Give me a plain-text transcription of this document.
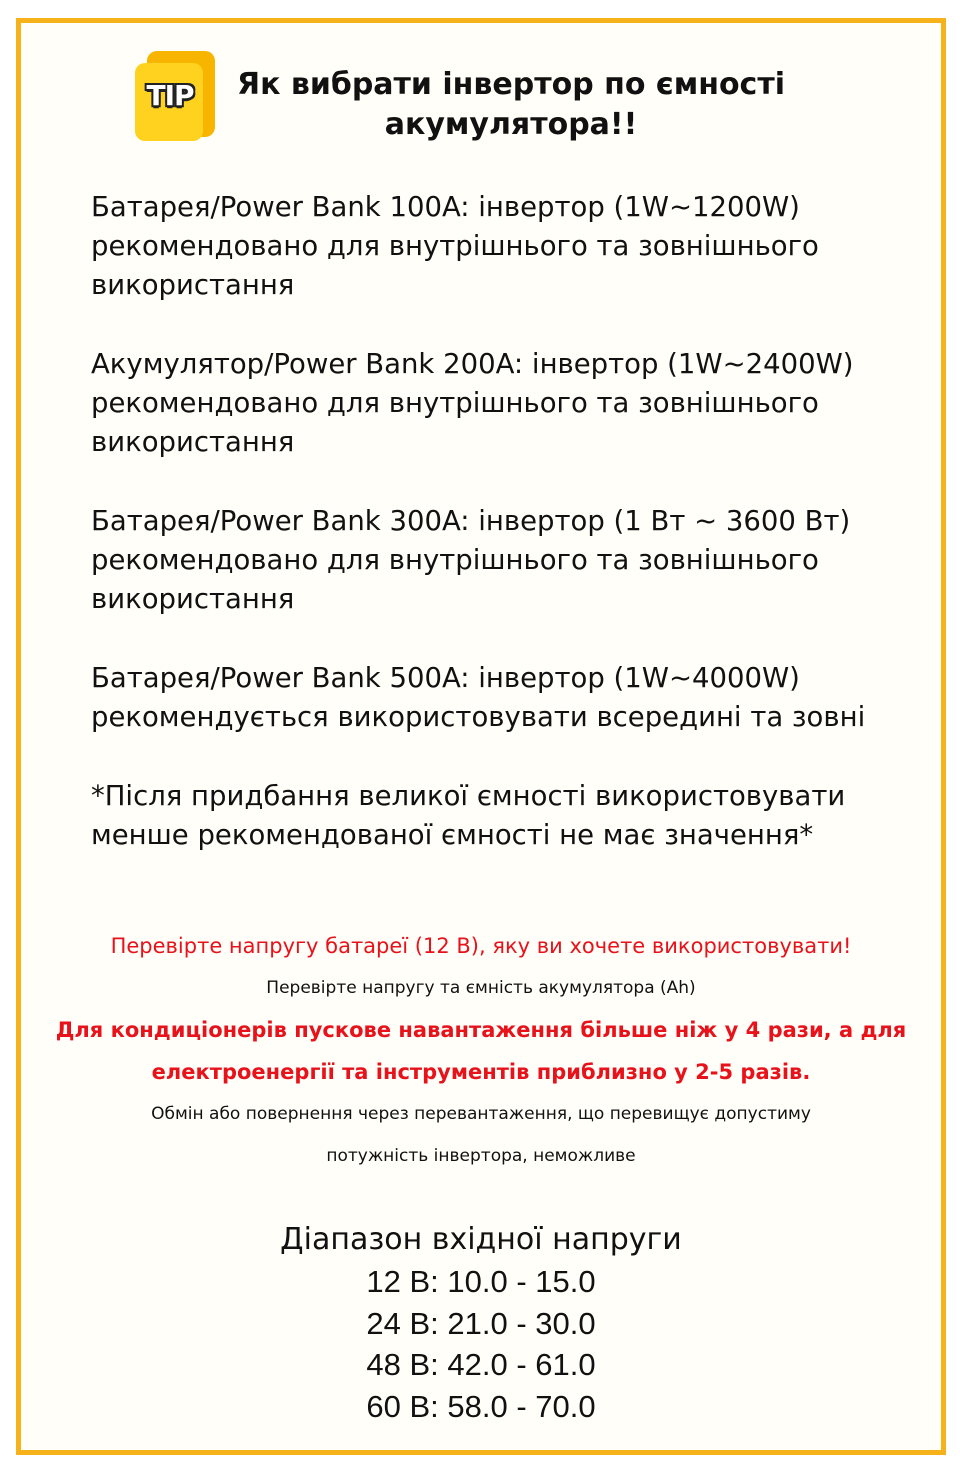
TIP	Як вибрати інвертор по ємності
акумулятора!!
Батарея/Power Bank 100A: інвертор (1W~1200W)
рекомендовано для внутрішнього та зовнішнього
використання
Акумулятор/Power Bank 200A: інвертор (1W~2400W)
рекомендовано для внутрішнього та зовнішнього
використання
Батарея/Power Bank 300A: інвертор (1 Вт ~ 3600 Вт)
рекомендовано для внутрішнього та зовнішнього
використання
Батарея/Power Bank 500A: інвертор (1W~4000W)
рекомендується використовувати всередині та зовні
*Після придбання великої ємності використовувати
менше рекомендованої ємності не має значення*
Перевірте напругу батареї (12 В), яку ви хочете використовувати!
Перевірте напругу та ємність акумулятора (Ah)
Для кондиціонерів пускове навантаження більше ніж у 4 рази, а для
електроенергії та інструментів приблизно у 2-5 разів.
Обмін або повернення через перевантаження, що перевищує допустиму
потужність інвертора, неможливе
Діапазон вхідної напруги
12 В: 10.0 - 15.0
24 В: 21.0 - 30.0
48 В: 42.0 - 61.0
60 В: 58.0 - 70.0
